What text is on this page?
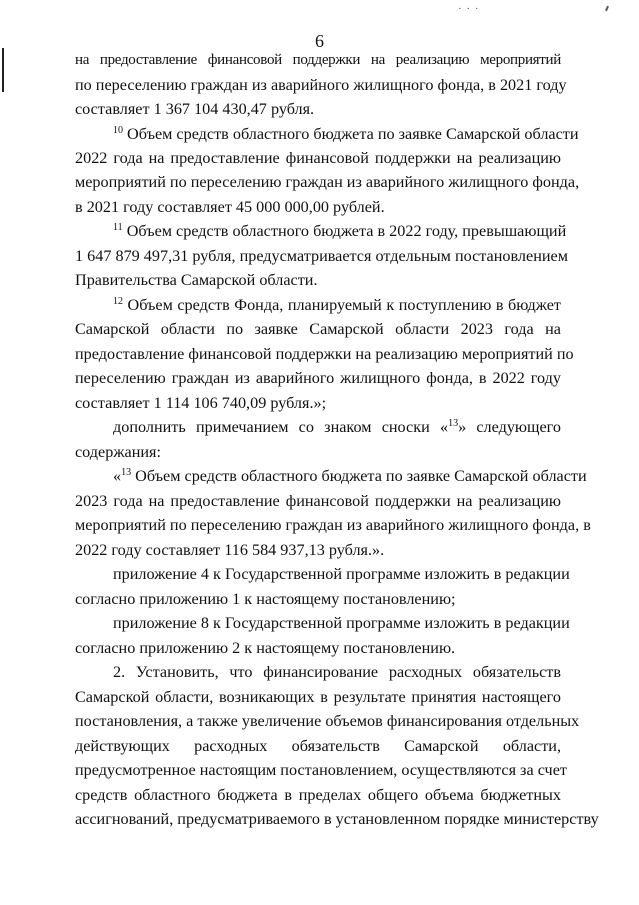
· · ·
6
на предоставление финансовой поддержки на реализацию мероприятий
по переселению граждан из аварийного жилищного фонда, в 2021 году
составляет 1 367 104 430,47 рубля.
$^{10}$ Объем средств областного бюджета по заявке Самарской области
2022 года на предоставление финансовой поддержки на реализацию
мероприятий по переселению граждан из аварийного жилищного фонда,
в 2021 году составляет 45 000 000,00 рублей.
$^{11}$ Объем средств областного бюджета в 2022 году, превышающий
1 647 879 497,31 рубля, предусматривается отдельным постановлением
Правительства Самарской области.
$^{12}$ Объем средств Фонда, планируемый к поступлению в бюджет
Самарской области по заявке Самарской области 2023 года на
предоставление финансовой поддержки на реализацию мероприятий по
переселению граждан из аварийного жилищного фонда, в 2022 году
составляет 1 114 106 740,09 рубля.»;
дополнить примечанием со знаком сноски «$^{13}$» следующего
содержания:
«$^{13}$ Объем средств областного бюджета по заявке Самарской области
2023 года на предоставление финансовой поддержки на реализацию
мероприятий по переселению граждан из аварийного жилищного фонда, в
2022 году составляет 116 584 937,13 рубля.».
приложение 4 к Государственной программе изложить в редакции
согласно приложению 1 к настоящему постановлению;
приложение 8 к Государственной программе изложить в редакции
согласно приложению 2 к настоящему постановлению.
2. Установить, что финансирование расходных обязательств
Самарской области, возникающих в результате принятия настоящего
постановления, а также увеличение объемов финансирования отдельных
действующих расходных обязательств Самарской области,
предусмотренное настоящим постановлением, осуществляются за счет
средств областного бюджета в пределах общего объема бюджетных
ассигнований, предусматриваемого в установленном порядке министерству
